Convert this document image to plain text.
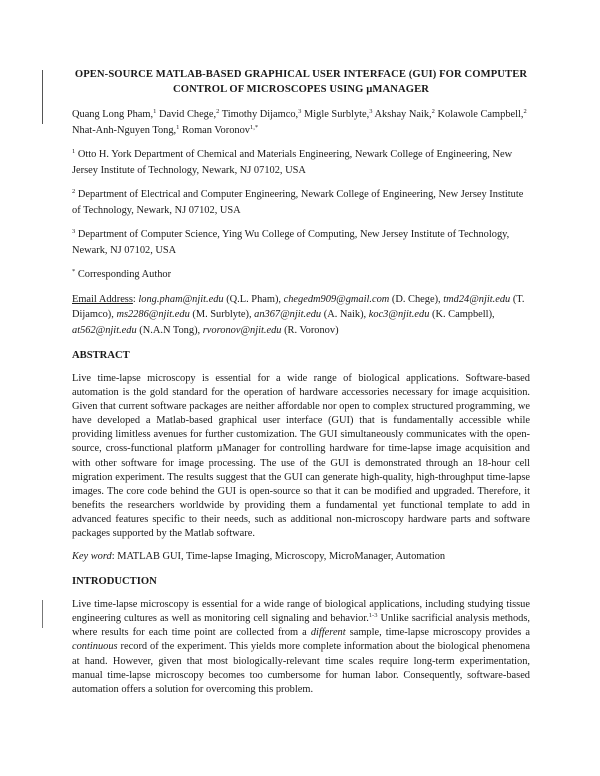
OPEN-SOURCE MATLAB-BASED GRAPHICAL USER INTERFACE (GUI) FOR COMPUTER CONTROL OF MICROSCOPES USING µMANAGER

Quang Long Pham,$^1$ David Chege,$^2$ Timothy Dijamco,$^3$ Migle Surblyte,$^3$ Akshay Naik,$^2$ Kolawole Campbell,$^2$ Nhat-Anh-Nguyen Tong,$^1$ Roman Voronov$^{1,*}$

$^1$ Otto H. York Department of Chemical and Materials Engineering, Newark College of Engineering, New Jersey Institute of Technology, Newark, NJ 07102, USA

$^2$ Department of Electrical and Computer Engineering, Newark College of Engineering, New Jersey Institute of Technology, Newark, NJ 07102, USA

$^3$ Department of Computer Science, Ying Wu College of Computing, New Jersey Institute of Technology, Newark, NJ 07102, USA

* Corresponding Author

Email Address: long.pham@njit.edu (Q.L. Pham), chegedm909@gmail.com (D. Chege), tmd24@njit.edu (T. Dijamco), ms2286@njit.edu (M. Surblyte), an367@njit.edu (A. Naik), koc3@njit.edu (K. Campbell), at562@njit.edu (N.A.N Tong), rvoronov@njit.edu (R. Voronov)

ABSTRACT

Live time-lapse microscopy is essential for a wide range of biological applications. Software-based automation is the gold standard for the operation of hardware accessories necessary for image acquisition. Given that current software packages are neither affordable nor open to complex structured programming, we have developed a Matlab-based graphical user interface (GUI) that is fundamentally accessible while providing limitless avenues for further customization. The GUI simultaneously communicates with the open-source, cross-functional platform µManager for controlling hardware for time-lapse image acquisition and with other software for image processing. The use of the GUI is demonstrated through an 18-hour cell migration experiment. The results suggest that the GUI can generate high-quality, high-throughput time-lapse images. The core code behind the GUI is open-source so that it can be modified and upgraded. Therefore, it benefits the researchers worldwide by providing them a fundamental yet functional template to add in advanced features specific to their needs, such as additional non-microscopy hardware parts and software packages supported by the Matlab software.

Key word: MATLAB GUI, Time-lapse Imaging, Microscopy, MicroManager, Automation

INTRODUCTION

Live time-lapse microscopy is essential for a wide range of biological applications, including studying tissue engineering cultures as well as monitoring cell signaling and behavior.$^{1-3}$ Unlike sacrificial analysis methods, where results for each time point are collected from a different sample, time-lapse microscopy provides a continuous record of the experiment. This yields more complete information about the biological phenomena at hand. However, given that most biologically-relevant time scales require long-term experimentation, manual time-lapse microscopy becomes too cumbersome for human labor. Consequently, software-based automation offers a solution for overcoming this problem.
